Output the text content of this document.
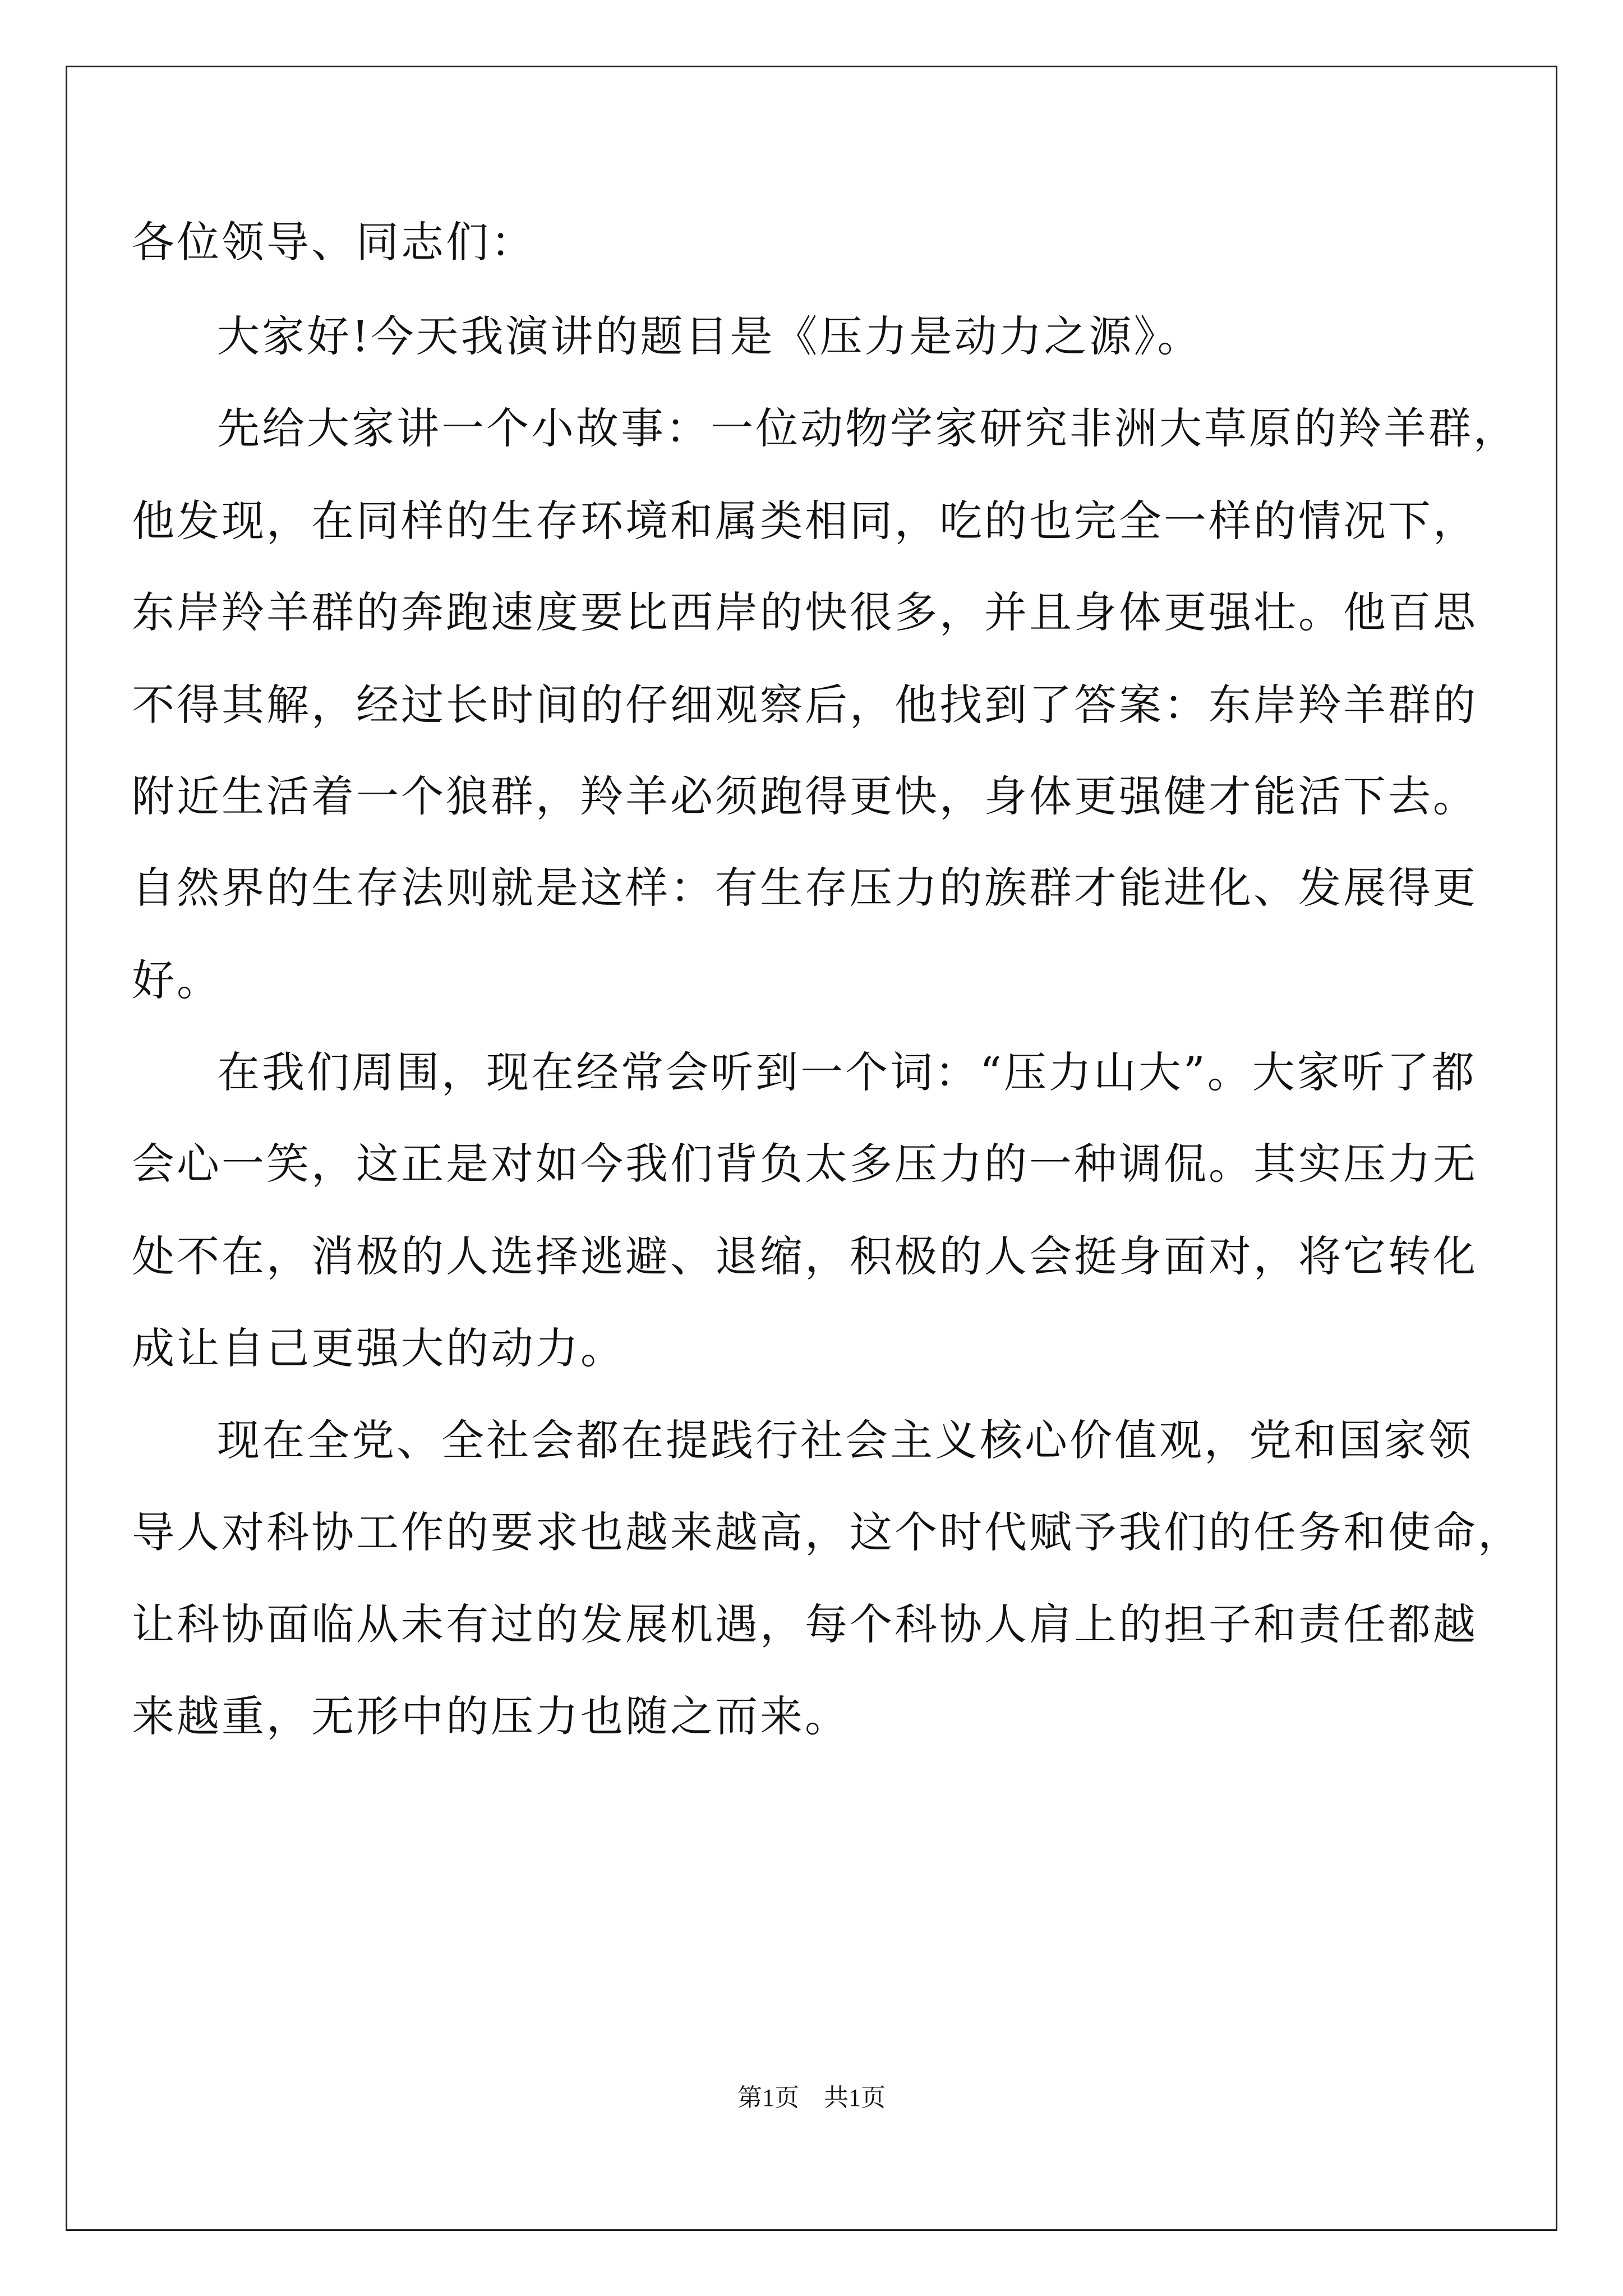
各位领导、同志们：
大家好!今天我演讲的题目是《压力是动力之源》。
先给大家讲一个小故事：一位动物学家研究非洲大草原的羚羊群，
他发现，在同样的生存环境和属类相同，吃的也完全一样的情况下，
东岸羚羊群的奔跑速度要比西岸的快很多，并且身体更强壮。他百思
不得其解，经过长时间的仔细观察后，他找到了答案：东岸羚羊群的
附近生活着一个狼群，羚羊必须跑得更快，身体更强健才能活下去。
自然界的生存法则就是这样：有生存压力的族群才能进化、发展得更
好。
在我们周围，现在经常会听到一个词：“压力山大”。大家听了都
会心一笑，这正是对如今我们背负太多压力的一种调侃。其实压力无
处不在，消极的人选择逃避、退缩，积极的人会挺身面对，将它转化
成让自己更强大的动力。
现在全党、全社会都在提践行社会主义核心价值观，党和国家领
导人对科协工作的要求也越来越高，这个时代赋予我们的任务和使命，
让科协面临从未有过的发展机遇，每个科协人肩上的担子和责任都越
来越重，无形中的压力也随之而来。
第1页　共1页
